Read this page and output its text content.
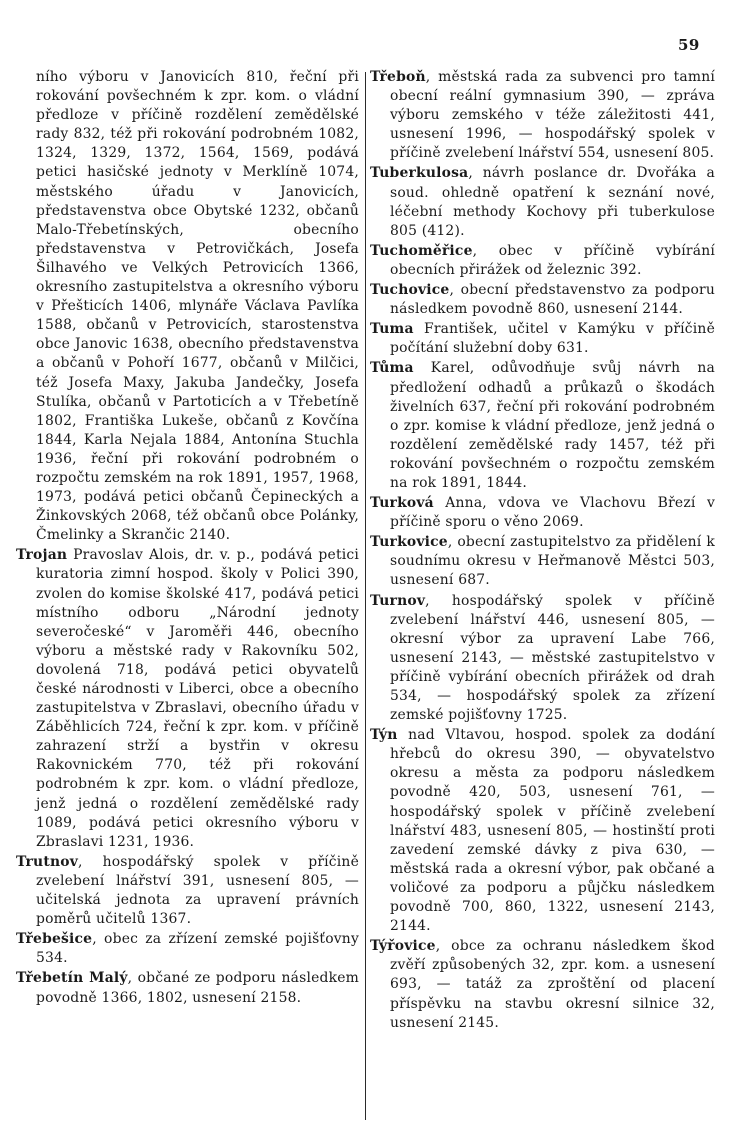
59

ního výboru v Janovicích 810, řeční při rokování povšechném k zpr. kom. o vládní předloze v příčině rozdělení zemědělské rady 832, též při rokování podrobném 1082, 1324, 1329, 1372, 1564, 1569, podává petici hasičské jednoty v Merklíně 1074, městského úřadu v Janovicích, představenstva obce Obytské 1232, občanů Malo-Třebetínských, obecního představenstva v Petrovičkách, Josefa Šilhavého ve Velkých Petrovicích 1366, okresního zastupitelstva a okresního výboru v Přešticích 1406, mlynáře Václava Pavlíka 1588, občanů v Petrovicích, starostenstva obce Janovic 1638, obecního představenstva a občanů v Pohoří 1677, občanů v Milčici, též Josefa Maxy, Jakuba Jandečky, Josefa Stulíka, občanů v Partoticích a v Třebetíně 1802, Františka Lukeše, občanů z Kovčína 1844, Karla Nejala 1884, Antonína Stuchla 1936, řeční při rokování podrobném o rozpočtu zemském na rok 1891, 1957, 1968, 1973, podává petici občanů Čepineckých a Žinkovských 2068, též občanů obce Polánky, Čmelinky a Skrančic 2140.

Trojan Pravoslav Alois, dr. v. p., podává petici kuratoria zimní hospod. školy v Polici 390, zvolen do komise školské 417, podává petici místního odboru „Národní jednoty severočeské“ v Jaroměři 446, obecního výboru a městské rady v Rakovníku 502, dovolená 718, podává petici obyvatelů české národnosti v Liberci, obce a obecního zastupitelstva v Zbraslavi, obecního úřadu v Záběhlicích 724, řeční k zpr. kom. v příčině zahrazení strží a bystřin v okresu Rakovnickém 770, též při rokování podrobném k zpr. kom. o vládní předloze, jenž jedná o rozdělení zemědělské rady 1089, podává petici okresního výboru v Zbraslavi 1231, 1936.

Trutnov, hospodářský spolek v příčině zvelebení lnářství 391, usnesení 805, — učitelská jednota za upravení právních poměrů učitelů 1367.

Třebešice, obec za zřízení zemské pojišťovny 534.

Třebetín Malý, občané ze podporu následkem povodně 1366, 1802, usnesení 2158.

Třeboň, městská rada za subvenci pro tamní obecní reální gymnasium 390, — zpráva výboru zemského v téže záležitosti 441, usnesení 1996, — hospodářský spolek v příčině zvelebení lnářství 554, usnesení 805.

Tuberkulosa, návrh poslance dr. Dvořáka a soud. ohledně opatření k seznání nové, léčební methody Kochovy při tuberkulose 805 (412).

Tuchoměřice, obec v příčině vybírání obecních přirážek od železnic 392.

Tuchovice, obecní představenstvo za podporu následkem povodně 860, usnesení 2144.

Tuma František, učitel v Kamýku v příčině počítání služební doby 631.

Tůma Karel, odůvodňuje svůj návrh na předložení odhadů a průkazů o škodách živelních 637, řeční při rokování podrobném o zpr. komise k vládní předloze, jenž jedná o rozdělení zemědělské rady 1457, též při rokování povšechném o rozpočtu zemském na rok 1891, 1844.

Turková Anna, vdova ve Vlachovu Březí v příčině sporu o věno 2069.

Turkovice, obecní zastupitelstvo za přidělení k soudnímu okresu v Heřmanově Městci 503, usnesení 687.

Turnov, hospodářský spolek v příčině zvelebení lnářství 446, usnesení 805, — okresní výbor za upravení Labe 766, usnesení 2143, — městské zastupitelstvo v příčině vybírání obecních přirážek od drah 534, — hospodářský spolek za zřízení zemské pojišťovny 1725.

Týn nad Vltavou, hospod. spolek za dodání hřebců do okresu 390, — obyvatelstvo okresu a města za podporu následkem povodně 420, 503, usnesení 761, — hospodářský spolek v příčině zvelebení lnářství 483, usnesení 805, — hostinští proti zavedení zemské dávky z piva 630, — městská rada a okresní výbor, pak občané a voličové za podporu a půjčku následkem povodně 700, 860, 1322, usnesení 2143, 2144.

Týřovice, obce za ochranu následkem škod zvěří způsobených 32, zpr. kom. a usnesení 693, — tatáž za zproštění od placení příspěvku na stavbu okresní silnice 32, usnesení 2145.
